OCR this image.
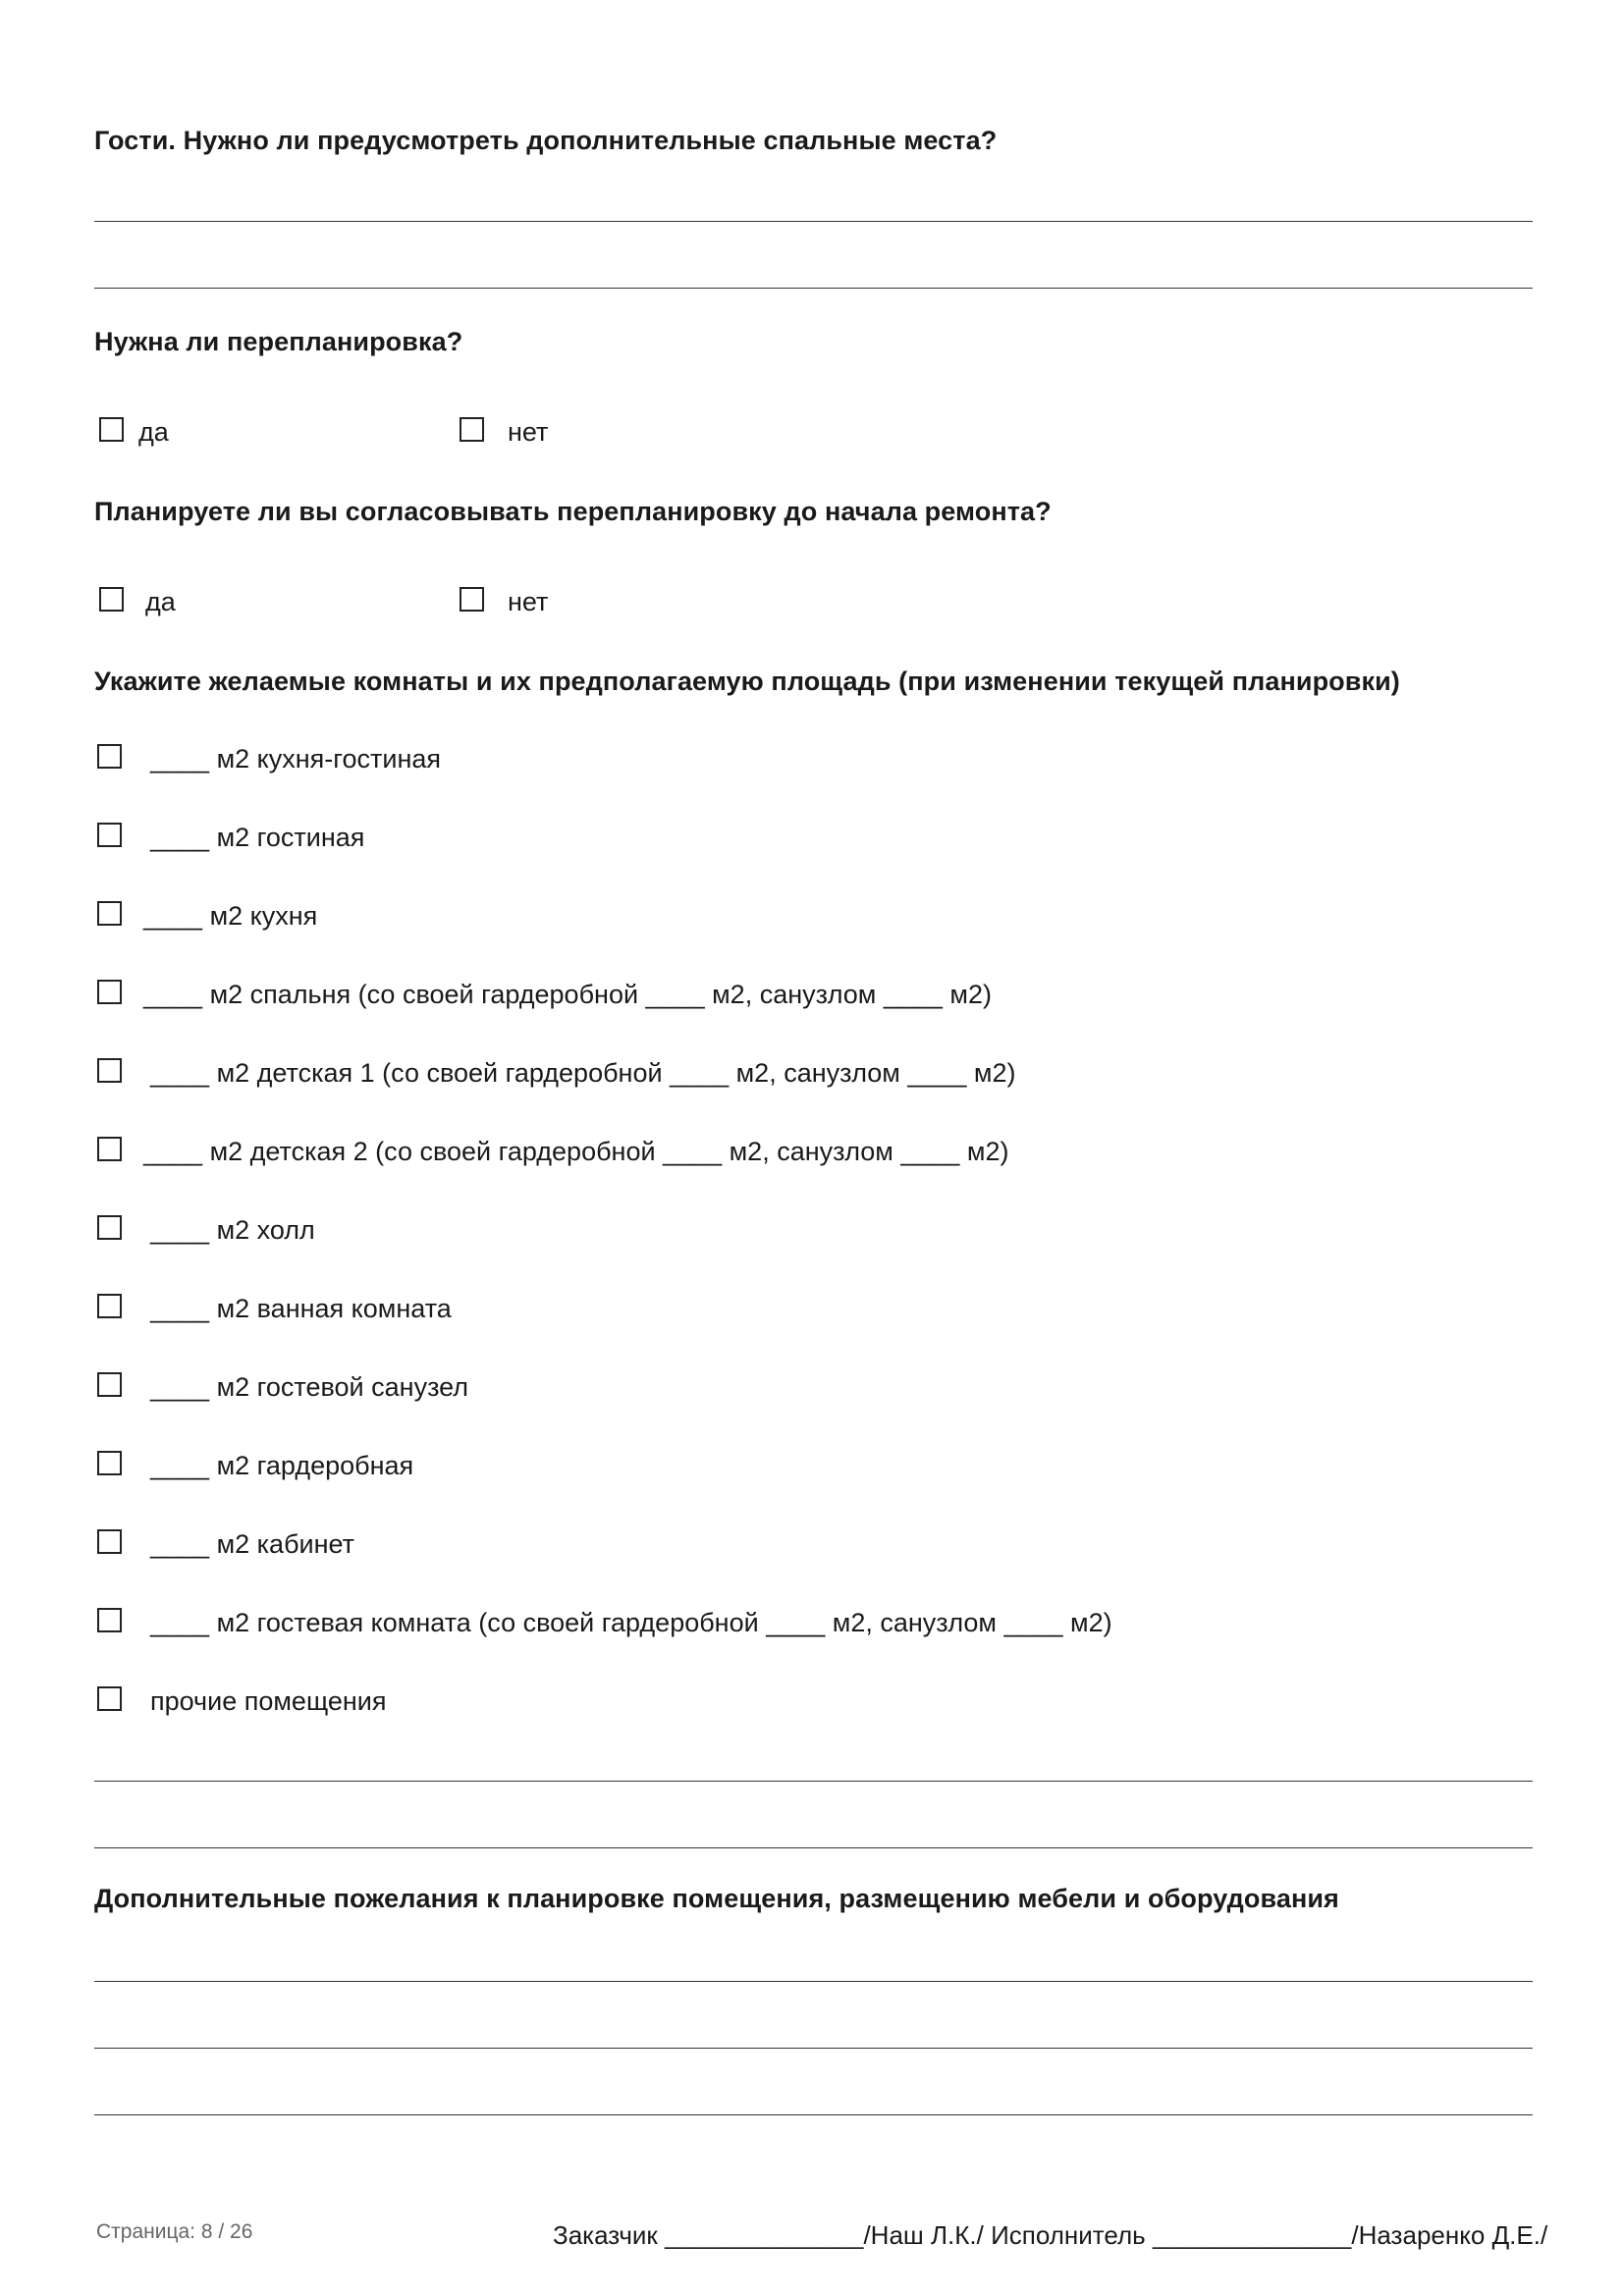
Гости. Нужно ли предусмотреть дополнительные спальные места?
Нужна ли перепланировка?
да	нет
Планируете ли вы согласовывать перепланировку до начала ремонта?
да	нет
Укажите желаемые комнаты и их предполагаемую площадь (при изменении текущей планировки)
____ м2 кухня-гостиная
____ м2 гостиная
____ м2 кухня
____ м2 спальня (со своей гардеробной ____ м2, санузлом ____ м2)
____ м2 детская 1 (со своей гардеробной ____ м2, санузлом ____ м2)
____ м2 детская 2 (со своей гардеробной ____ м2, санузлом ____ м2)
____ м2 холл
____ м2 ванная комната
____ м2 гостевой санузел
____ м2 гардеробная
____ м2 кабинет
____ м2 гостевая комната (со своей гардеробной ____ м2, санузлом ____ м2)
прочие помещения
Дополнительные пожелания к планировке помещения, размещению мебели и оборудования
Страница: 8 / 26	Заказчик ______________/Наш Л.К./ Исполнитель ______________/Назаренко Д.Е./
